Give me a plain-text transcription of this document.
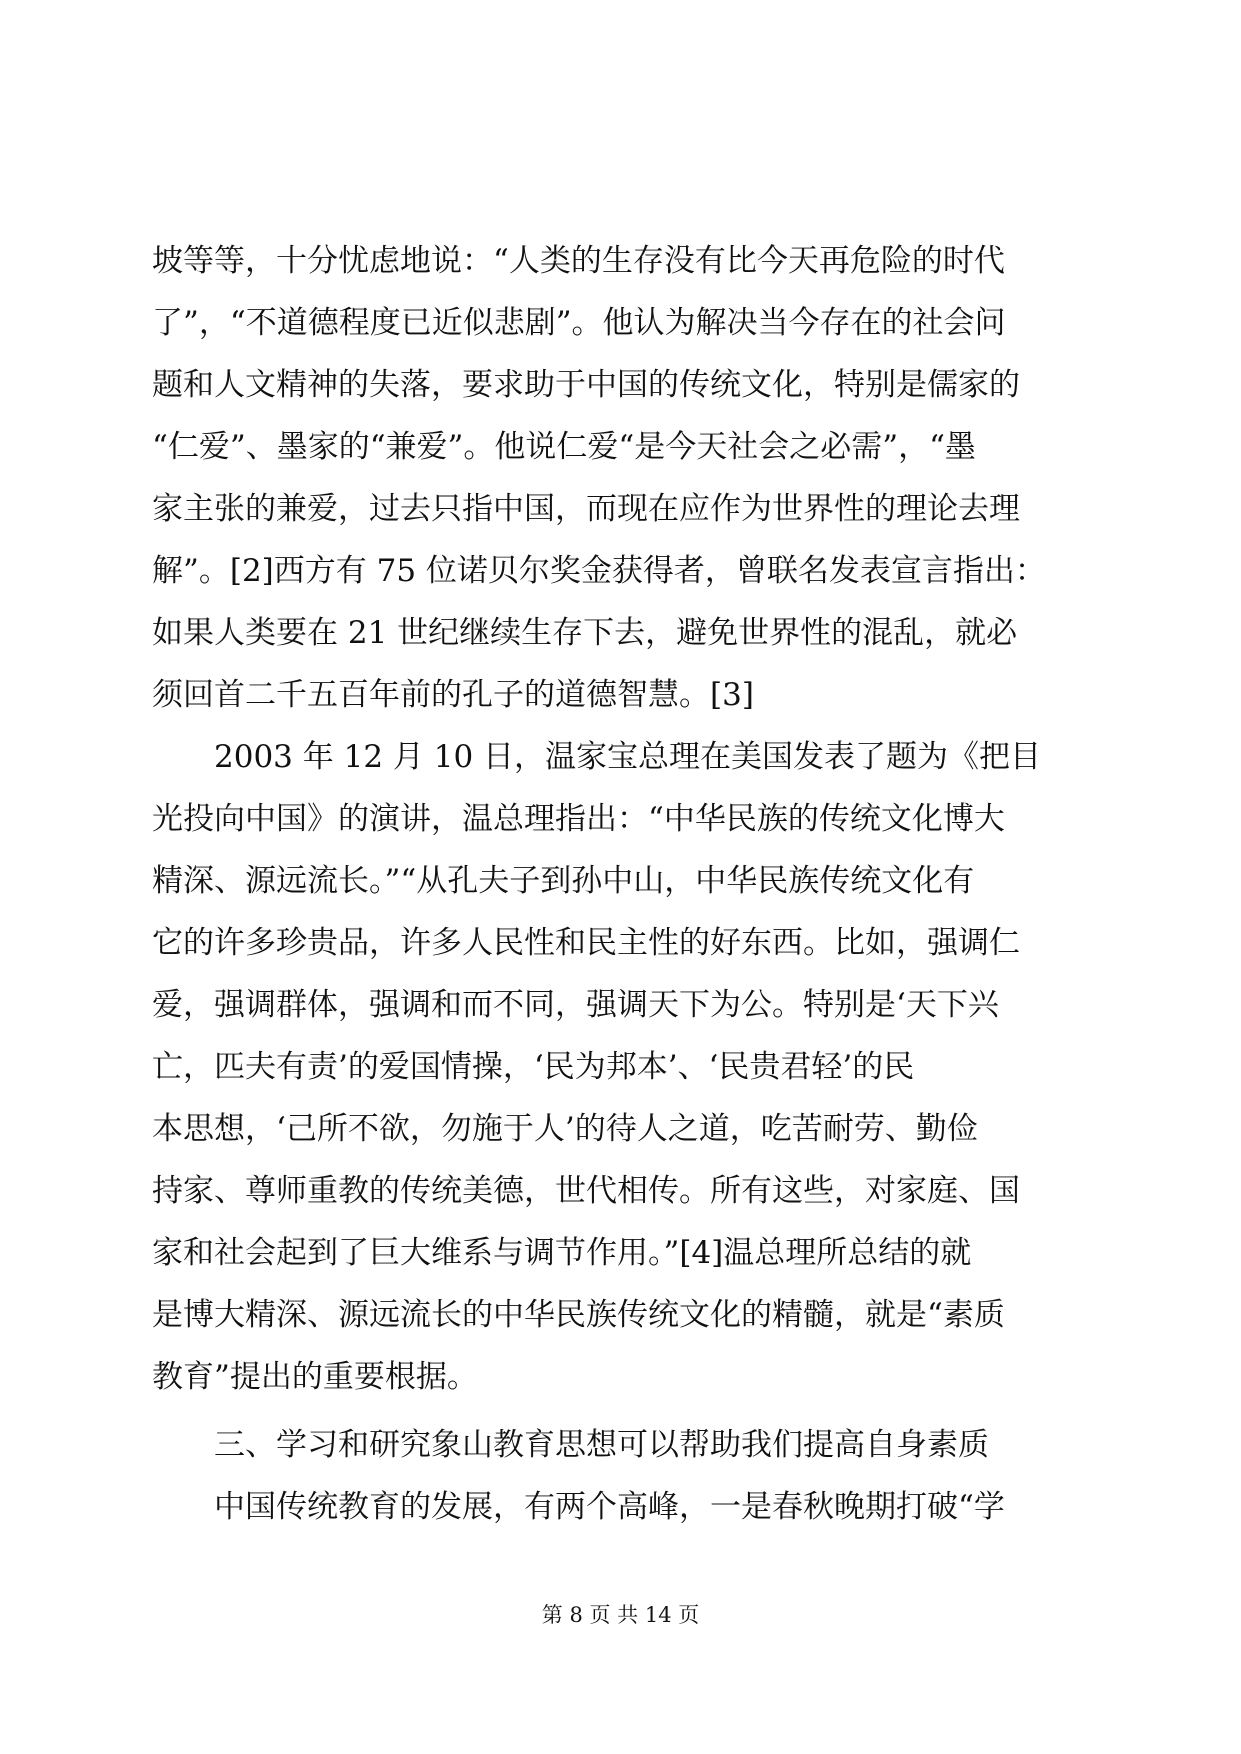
坡等等，十分忧虑地说：“人类的生存没有比今天再危险的时代
了”，“不道德程度已近似悲剧”。他认为解决当今存在的社会问
题和人文精神的失落，要求助于中国的传统文化，特别是儒家的
“仁爱”、墨家的“兼爱”。他说仁爱“是今天社会之必需”，“墨
家主张的兼爱，过去只指中国，而现在应作为世界性的理论去理
解”。[2]西方有 75 位诺贝尔奖金获得者，曾联名发表宣言指出：
如果人类要在 21 世纪继续生存下去，避免世界性的混乱，就必
须回首二千五百年前的孔子的道德智慧。[3]
　　2003 年 12 月 10 日，温家宝总理在美国发表了题为《把目
光投向中国》的演讲，温总理指出：“中华民族的传统文化博大
精深、源远流长。”“从孔夫子到孙中山，中华民族传统文化有
它的许多珍贵品，许多人民性和民主性的好东西。比如，强调仁
爱，强调群体，强调和而不同，强调天下为公。特别是‘天下兴
亡，匹夫有责’的爱国情操，‘民为邦本’、‘民贵君轻’的民
本思想，‘己所不欲，勿施于人’的待人之道，吃苦耐劳、勤俭
持家、尊师重教的传统美德，世代相传。所有这些，对家庭、国
家和社会起到了巨大维系与调节作用。”[4]温总理所总结的就
是博大精深、源远流长的中华民族传统文化的精髓，就是“素质
教育”提出的重要根据。
　　三、学习和研究象山教育思想可以帮助我们提高自身素质
　　中国传统教育的发展，有两个高峰，一是春秋晚期打破“学
第 8 页 共 14 页
